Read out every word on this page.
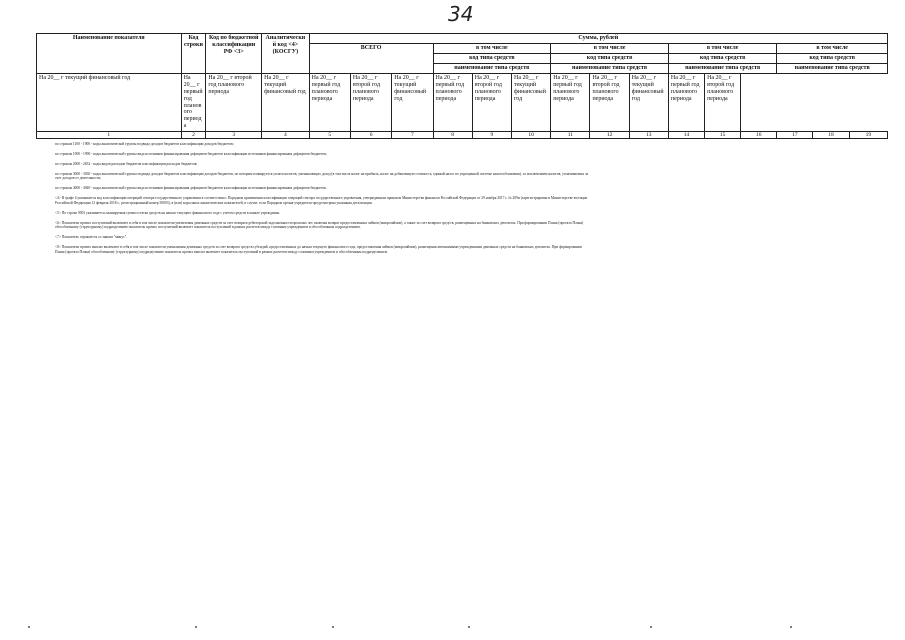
34
Наименование показателя	Код строки	Код по бюджетной классификации РФ <3>	Аналитический код <4> (КОСГУ)	Сумма, рублей														
				ВСЕГО			в том числе			в том числе			в том числе			в том числе		
							код типа средств			код типа средств			код типа средств			код типа средств		
							наименование типа средств			наименование типа средств			наименование типа средств			наименование типа средств		
На 20__ г текущий финансовый год	На 20__ г первый год планового периода	На 20__ г второй год планового периода	На 20__ г текущий финансовый год	На 20__ г первый год планового периода	На 20__ г второй год планового периода	На 20__ г текущий финансовый год	На 20__ г первый год планового периода	На 20__ г второй год планового периода	На 20__ г текущий финансовый год	На 20__ г первый год планового периода	На 20__ г второй год планового периода	На 20__ г текущий финансовый год	На 20__ г первый год планового периода	На 20__ г второй год планового периода				
1	2	3	4	5	6	7	8	9	10	11	12	13	14	15	16	17	18	19

по строкам 1100 - 1900 - коды аналитической группы подвида доходов бюджетов классификации доходов бюджетов;

по строкам 1900 - 1990 - коды аналитической группы вида источников финансирования дефицитов бюджетов классификации источников финансирования дефицитов бюджетов;

по строкам 2000 - 2652 - коды видов расходов бюджетов классификации расходов бюджетов;

по строкам 3000 - 3030 - коды аналитической группы подвида доходов бюджетов классификации доходов бюджетов, по которым планируется уплата налогов, уменьшающих доход (в том числе налог на прибыль, налог на добавленную стоимость, единый налог по упрощенной системе налогообложения), за исключением налогов, уплачиваемых за счет доходов от деятельности;

по строкам 4000 - 4040 - коды аналитической группы вида источников финансирования дефицитов бюджетов классификации источников финансирования дефицитов бюджетов.

<4> В графе 4 указывается код классификации операций сектора государственного управления в соответствии с Порядком применения классификации операций сектора государственного управления, утвержденным приказом Министерства финансов Российской Федерации от 29 ноября 2017 г. № 209н (зарегистрирован в Министерстве юстиции Российской Федерации 12 февраля 2018 г., регистрационный номер 50003), в (или) коды иных аналитических показателей, в случае, если Порядком органа-учредителя предусмотрена указанная детализация.

<5> По строке 0001 указывается планируемая сумма остатка средств на начало текущего финансового года с учетом средств в канале учреждения.

<6> Показатели прочих поступлений включают в себя в том числе показатели увеличения денежных средств за счет возврата дебиторской задолженности прошлых лет, включая возврат предоставленных займов (микрозаймов), а также за счет возврата средств, размещенных на банковских депозитах. При формировании Плана (проекта Плана) обособленному (структурному) подразделению показатель прочих поступлений включает показатель поступлений в рамках расчетов между головным учреждением и обособленным подразделением.

<7> Показатель отражается со знаком "минус".

<8> Показатели прочих выплат включают в себя в том числе показатели уменьшения денежных средств за счет возврата средств субсидий, предоставленных до начала текущего финансового года, предоставления займов (микрозаймов), размещения автономными учреждениями денежных средств на банковских депозитах. При формировании Плана (проекта Плана) обособленному (структурному) подразделению показатель прочих выплат включает показатель поступлений в рамках расчетов между головным учреждением и обособленным подразделением.
